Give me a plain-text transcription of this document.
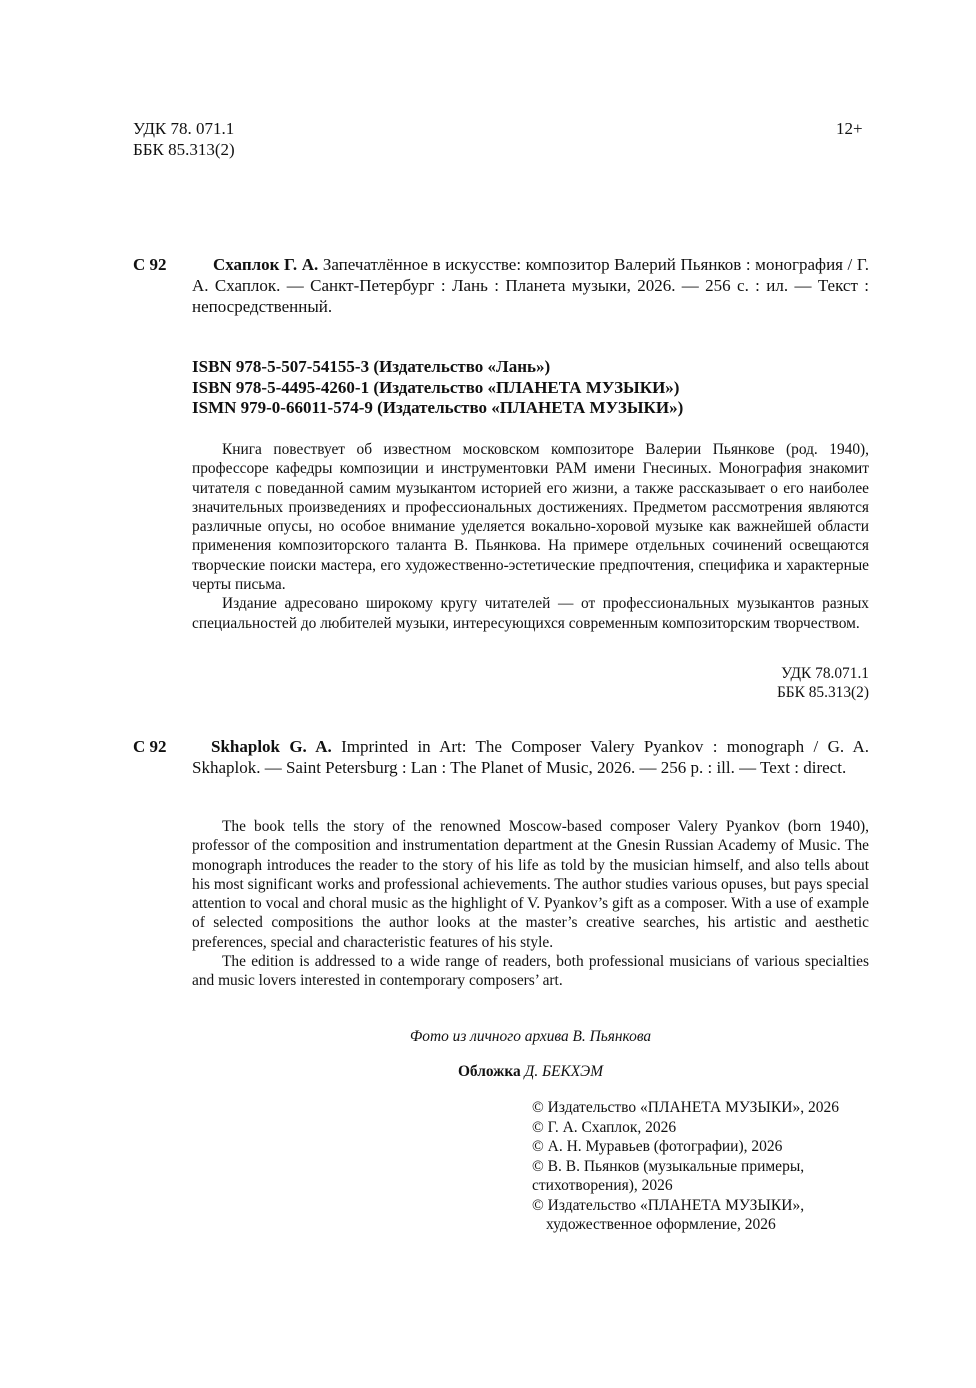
УДК 78. 071.1
ББК 85.313(2)
12+
С 92	Схаплок Г. А. Запечатлённое в искусстве: композитор Валерий Пьянков : монография / Г. А. Схаплок. — Санкт-Петербург : Лань : Планета музыки, 2026. — 256 с. : ил. — Текст : непосредственный.
ISBN 978-5-507-54155-3 (Издательство «Лань»)
ISBN 978-5-4495-4260-1 (Издательство «ПЛАНЕТА МУЗЫКИ»)
ISMN 979-0-66011-574-9 (Издательство «ПЛАНЕТА МУЗЫКИ»)

Книга повествует об известном московском композиторе Валерии Пьянкове (род. 1940), профессоре кафедры композиции и инструментовки РАМ имени Гнесиных. Монография знакомит читателя с поведанной самим музыкантом историей его жизни, а также рассказывает о его наиболее значительных произведениях и профессиональных достижениях. Предметом рассмотрения являются различные опусы, но особое внимание уделяется вокально-хоровой музыке как важнейшей области применения композиторского таланта В. Пьянкова. На примере отдельных сочинений освещаются творческие поиски мастера, его художественно-эстетические предпочтения, специфика и характерные черты письма.

Издание адресовано широкому кругу читателей — от профессиональных музыкантов разных специальностей до любителей музыки, интересующихся современным композиторским творчеством.

УДК 78.071.1
ББК 85.313(2)
С 92	Skhaplok G. A. Imprinted in Art: The Composer Valery Pyankov : monograph / G. A. Skhaplok. — Saint Petersburg : Lan : The Planet of Music, 2026. — 256 p. : ill. — Text : direct.

The book tells the story of the renowned Moscow-based composer Valery Pyankov (born 1940), professor of the composition and instrumentation department at the Gnesin Russian Academy of Music. The monograph introduces the reader to the story of his life as told by the musician himself, and also tells about his most significant works and professional achievements. The author studies various opuses, but pays special attention to vocal and choral music as the highlight of V. Pyankov’s gift as a composer. With a use of example of selected compositions the author looks at the master’s creative searches, his artistic and aesthetic preferences, special and characteristic features of his style.

The edition is addressed to a wide range of readers, both professional musicians of various specialties and music lovers interested in contemporary composers’ art.

Фото из личного архива В. Пьянкова
Обложка Д. БЕКХЭМ
© Издательство «ПЛАНЕТА МУЗЫКИ», 2026
© Г. А. Схаплок, 2026
© А. Н. Муравьев (фотографии), 2026
© В. В. Пьянков (музыкальные примеры,
стихотворения), 2026
© Издательство «ПЛАНЕТА МУЗЫКИ»,
художественное оформление, 2026
